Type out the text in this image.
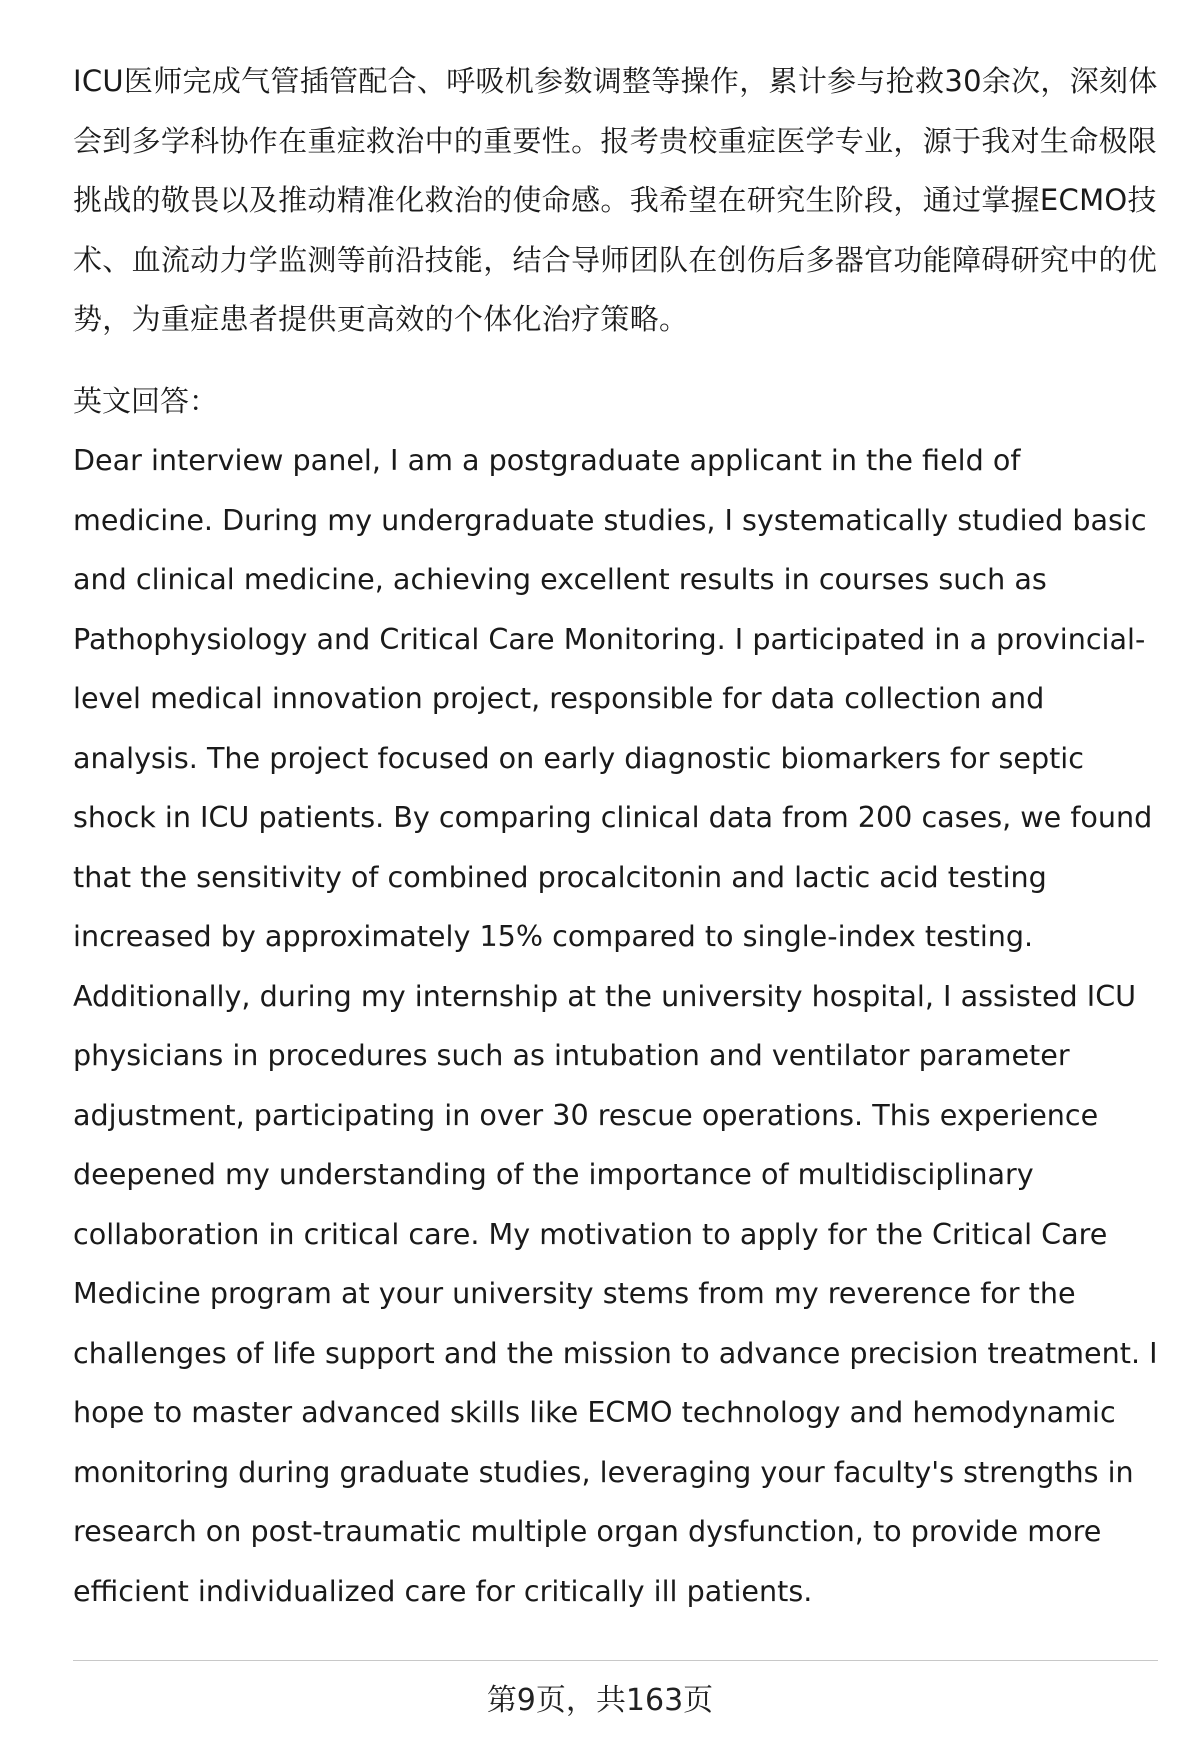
ICU医师完成气管插管配合、呼吸机参数调整等操作，累计参与抢救30余次，深刻体会到多学科协作在重症救治中的重要性。报考贵校重症医学专业，源于我对生命极限挑战的敬畏以及推动精准化救治的使命感。我希望在研究生阶段，通过掌握ECMO技术、血流动力学监测等前沿技能，结合导师团队在创伤后多器官功能障碍研究中的优势，为重症患者提供更高效的个体化治疗策略。

英文回答：

Dear interview panel, I am a postgraduate applicant in the field of medicine. During my undergraduate studies, I systematically studied basic and clinical medicine, achieving excellent results in courses such as Pathophysiology and Critical Care Monitoring. I participated in a provincial-level medical innovation project, responsible for data collection and analysis. The project focused on early diagnostic biomarkers for septic shock in ICU patients. By comparing clinical data from 200 cases, we found that the sensitivity of combined procalcitonin and lactic acid testing increased by approximately 15% compared to single-index testing. Additionally, during my internship at the university hospital, I assisted ICU physicians in procedures such as intubation and ventilator parameter adjustment, participating in over 30 rescue operations. This experience deepened my understanding of the importance of multidisciplinary collaboration in critical care. My motivation to apply for the Critical Care Medicine program at your university stems from my reverence for the challenges of life support and the mission to advance precision treatment. I hope to master advanced skills like ECMO technology and hemodynamic monitoring during graduate studies, leveraging your faculty's strengths in research on post-traumatic multiple organ dysfunction, to provide more efficient individualized care for critically ill patients.

第9页，共163页
